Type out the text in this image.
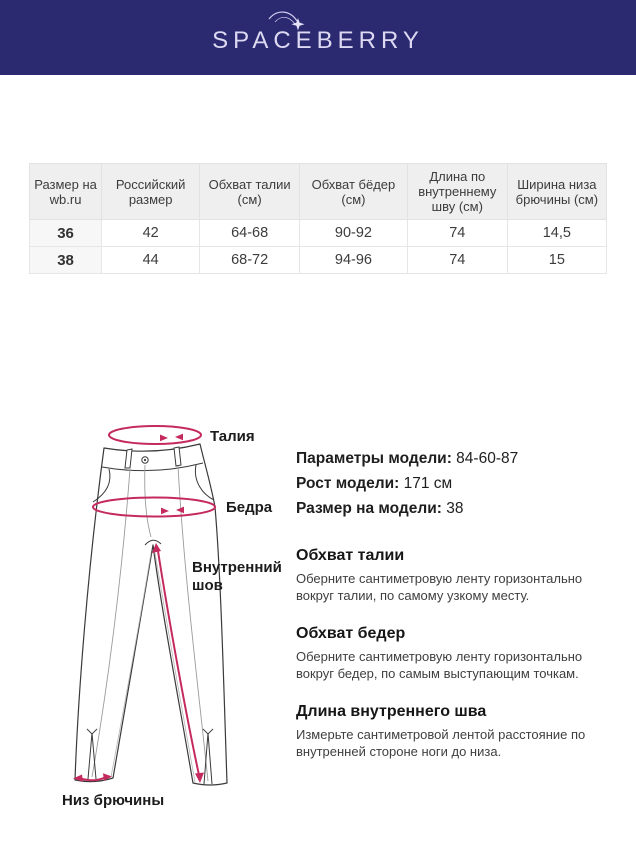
SPACEBERRY
Размер на wb.ru	Российский размер	Обхват талии (см)	Обхват бёдер (см)	Длина по внутреннему шву (см)	Ширина низа брючины (см)
36	42	64-68	90-92	74	14,5
38	44	68-72	94-96	74	15
Талия
Бедра
Внутренний шов
Низ брючины
Параметры модели: 84-60-87
Рост модели: 171 см
Размер на модели: 38
Обхват талии

Оберните сантиметровую ленту горизонтально вокруг талии, по самому узкому месту.

Обхват бедер

Оберните сантиметровую ленту горизонтально вокруг бедер, по самым выступающим точкам.

Длина внутреннего шва

Измерьте сантиметровой лентой расстояние по внутренней стороне ноги до низа.
